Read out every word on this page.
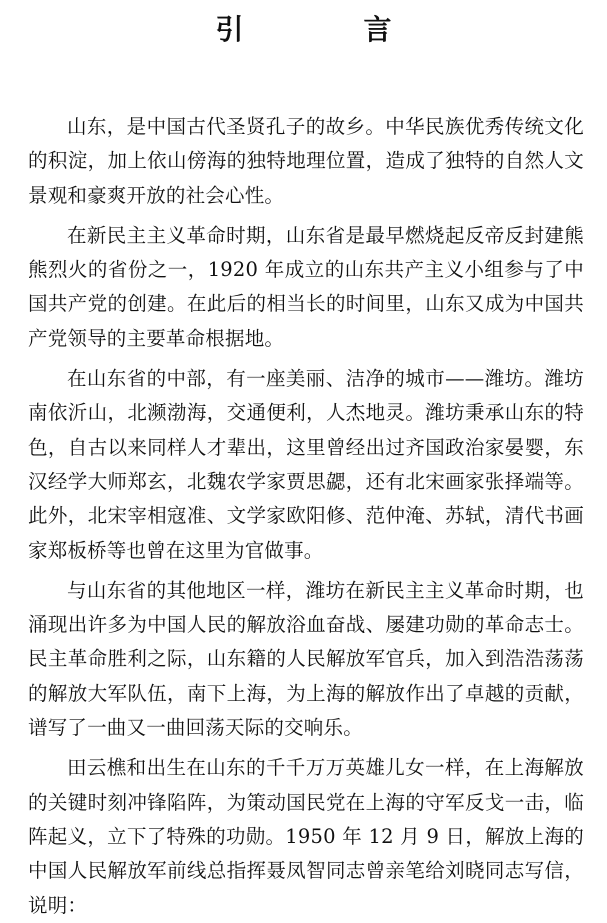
引　言

山东，是中国古代圣贤孔子的故乡。中华民族优秀传统文化的积淀，加上依山傍海的独特地理位置，造成了独特的自然人文景观和豪爽开放的社会心性。

在新民主主义革命时期，山东省是最早燃烧起反帝反封建熊熊烈火的省份之一，1920 年成立的山东共产主义小组参与了中国共产党的创建。在此后的相当长的时间里，山东又成为中国共产党领导的主要革命根据地。

在山东省的中部，有一座美丽、洁净的城市——潍坊。潍坊南依沂山，北濒渤海，交通便利，人杰地灵。潍坊秉承山东的特色，自古以来同样人才辈出，这里曾经出过齐国政治家晏婴，东汉经学大师郑玄，北魏农学家贾思勰，还有北宋画家张择端等。此外，北宋宰相寇准、文学家欧阳修、范仲淹、苏轼，清代书画家郑板桥等也曾在这里为官做事。

与山东省的其他地区一样，潍坊在新民主主义革命时期，也涌现出许多为中国人民的解放浴血奋战、屡建功勋的革命志士。民主革命胜利之际，山东籍的人民解放军官兵，加入到浩浩荡荡的解放大军队伍，南下上海，为上海的解放作出了卓越的贡献，谱写了一曲又一曲回荡天际的交响乐。

田云樵和出生在山东的千千万万英雄儿女一样，在上海解放的关键时刻冲锋陷阵，为策动国民党在上海的守军反戈一击，临阵起义，立下了特殊的功勋。1950 年 12 月 9 日，解放上海的中国人民解放军前线总指挥聂凤智同志曾亲笔给刘晓同志写信，说明：
